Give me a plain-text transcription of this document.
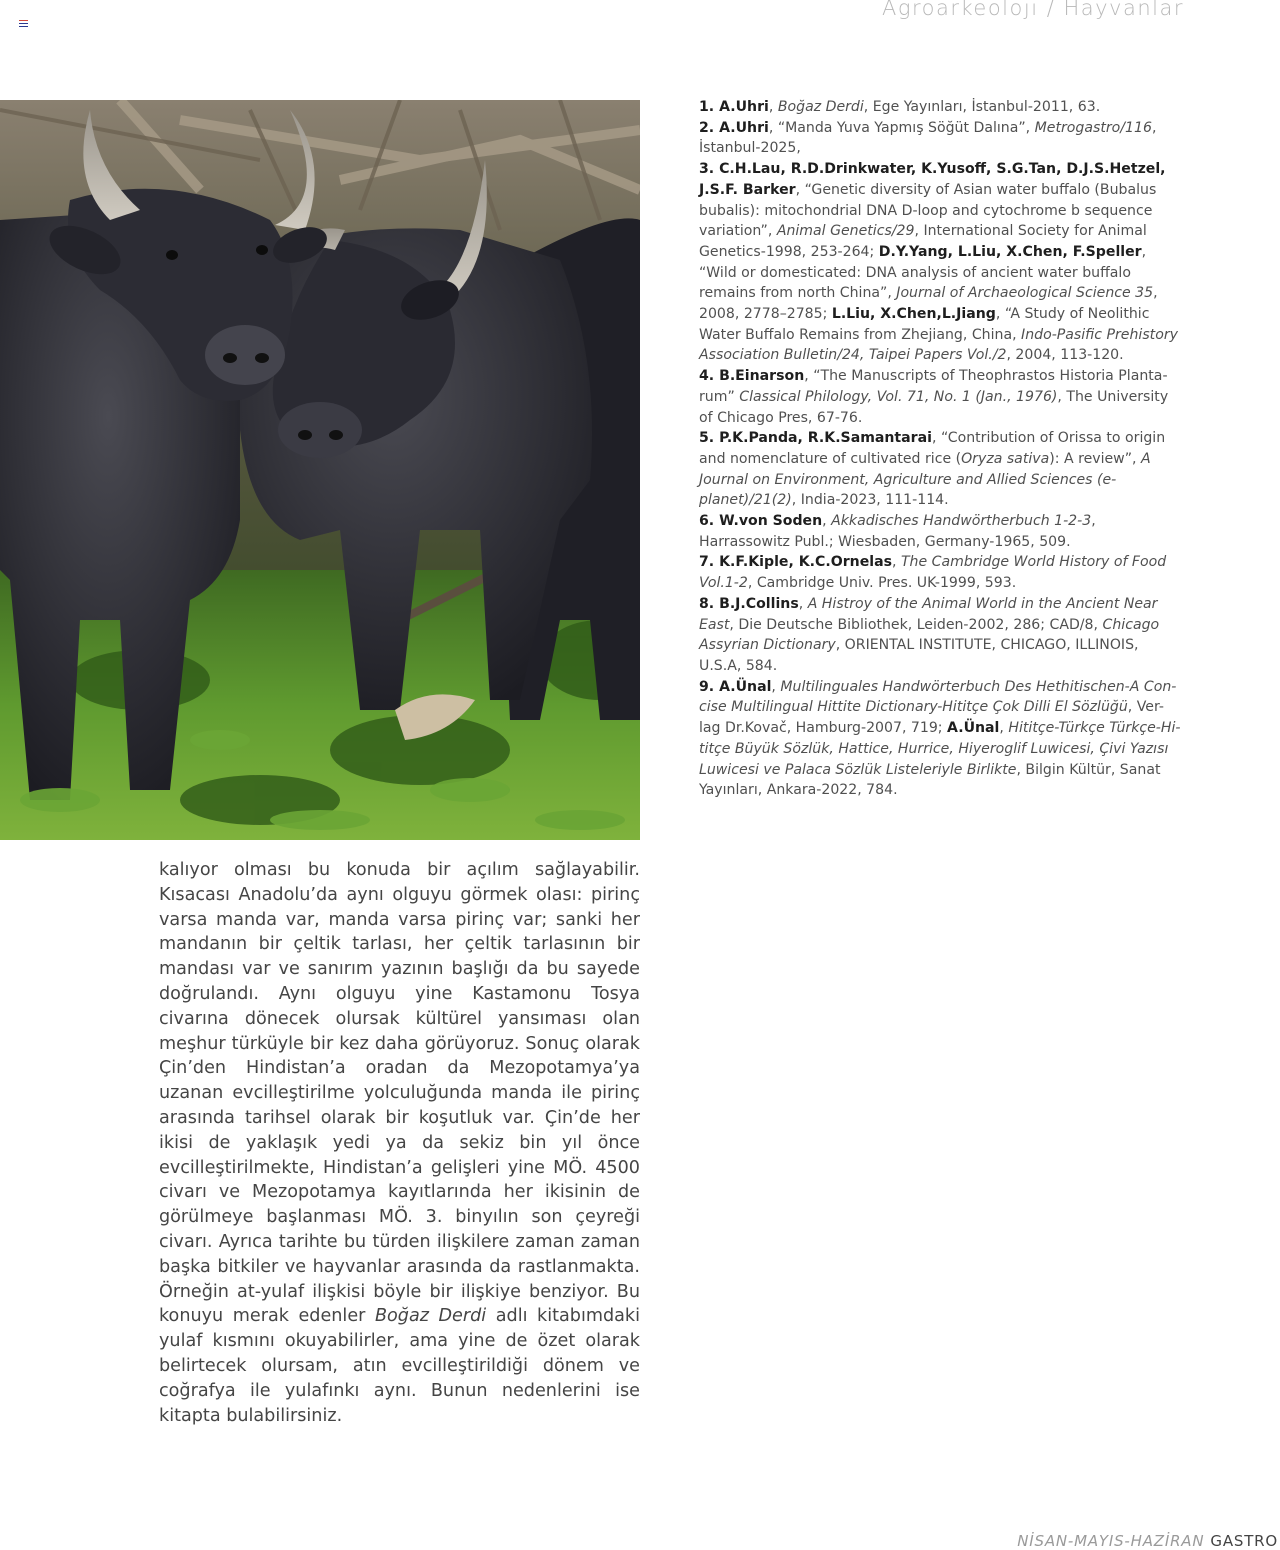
Agroarkeoloji / Hayvanlar

1. A.Uhri, Boğaz Derdi, Ege Yayınları, İstanbul-2011, 63.

2. A.Uhri, “Manda Yuva Yapmış Söğüt Dalına”, Metrogastro/116, İstanbul-2025,

3. C.H.Lau, R.D.Drinkwater, K.Yusoff, S.G.Tan, D.J.S.Hetzel, J.S.F. Barker, “Genetic diversity of Asian water buffalo (Bubalus bubalis): mitochondrial DNA D-loop and cytochrome b sequence variation”, Animal Genetics/29, International Society for Animal Genetics-1998, 253-264; D.Y.Yang, L.Liu, X.Chen, F.Speller, “Wild or domesticated: DNA analysis of ancient water buffalo remains from north China”, Journal of Archaeological Science 35, 2008, 2778–2785; L.Liu, X.Chen,L.Jiang, “A Study of Neolithic Water Buffalo Remains from Zhejiang, China, Indo-Pasific Prehistory Association Bulletin/24, Taipei Papers Vol./2, 2004, 113-120.

4. B.Einarson, “The Manuscripts of Theophrastos Historia Planta-rum” Classical Philology, Vol. 71, No. 1 (Jan., 1976), The University of Chicago Pres, 67-76.

5. P.K.Panda, R.K.Samantarai, “Contribution of Orissa to origin and nomenclature of cultivated rice (Oryza sativa): A review”, A Journal on Environment, Agriculture and Allied Sciences (e-planet)/21(2), India-2023, 111-114.

6. W.von Soden, Akkadisches Handwörtherbuch 1-2-3, Harrassowitz Publ.; Wiesbaden, Germany-1965, 509.

7. K.F.Kiple, K.C.Ornelas, The Cambridge World History of Food Vol.1-2, Cambridge Univ. Pres. UK-1999, 593.

8. B.J.Collins, A Histroy of the Animal World in the Ancient Near East, Die Deutsche Bibliothek, Leiden-2002, 286; CAD/8, Chicago Assyrian Dictionary, ORIENTAL INSTITUTE, CHICAGO, ILLINOIS, U.S.A, 584.

9. A.Ünal, Multilinguales Handwörterbuch Des Hethitischen-A Con-cise Multilingual Hittite Dictionary-Hititçe Çok Dilli El Sözlüğü, Ver-lag Dr.Kovač, Hamburg-2007, 719; A.Ünal, Hititçe-Türkçe Türkçe-Hi-titçe Büyük Sözlük, Hattice, Hurrice, Hiyeroglif Luwicesi, Çivi Yazısı Luwicesi ve Palaca Sözlük Listeleriyle Birlikte, Bilgin Kültür, Sanat Yayınları, Ankara-2022, 784.

kalıyor olması bu konuda bir açılım sağlayabilir. Kısacası Anadolu’da aynı olguyu görmek olası: pirinç varsa manda var, manda varsa pirinç var; sanki her mandanın bir çeltik tarlası, her çeltik tarlasının bir mandası var ve sanırım yazının başlığı da bu sayede doğrulandı. Aynı olguyu yine Kastamonu Tosya civarına dönecek olursak kültürel yansıması olan meşhur türküyle bir kez daha görüyoruz. Sonuç olarak Çin’den Hindistan’a oradan da Mezopotamya’ya uzanan evcilleştirilme yolculuğunda manda ile pirinç arasında tarihsel olarak bir koşutluk var. Çin’de her ikisi de yaklaşık yedi ya da sekiz bin yıl önce evcilleştirilmekte, Hindistan’a gelişleri yine MÖ. 4500 civarı ve Mezopotamya kayıtlarında her ikisinin de görülmeye başlanması MÖ. 3. binyılın son çeyreği civarı. Ayrıca tarihte bu türden ilişkilere zaman zaman başka bitkiler ve hayvanlar arasında da rastlanmakta. Örneğin at-yulaf ilişkisi böyle bir ilişkiye benziyor. Bu konuyu merak edenler Boğaz Derdi adlı kitabımdaki yulaf kısmını okuyabilirler, ama yine de özet olarak belirtecek olursam, atın evcilleştirildiği dönem ve coğrafya ile yulafınkı aynı. Bunun nedenlerini ise kitapta bulabilirsiniz.

NİSAN-MAYIS-HAZİRAN GASTRO
